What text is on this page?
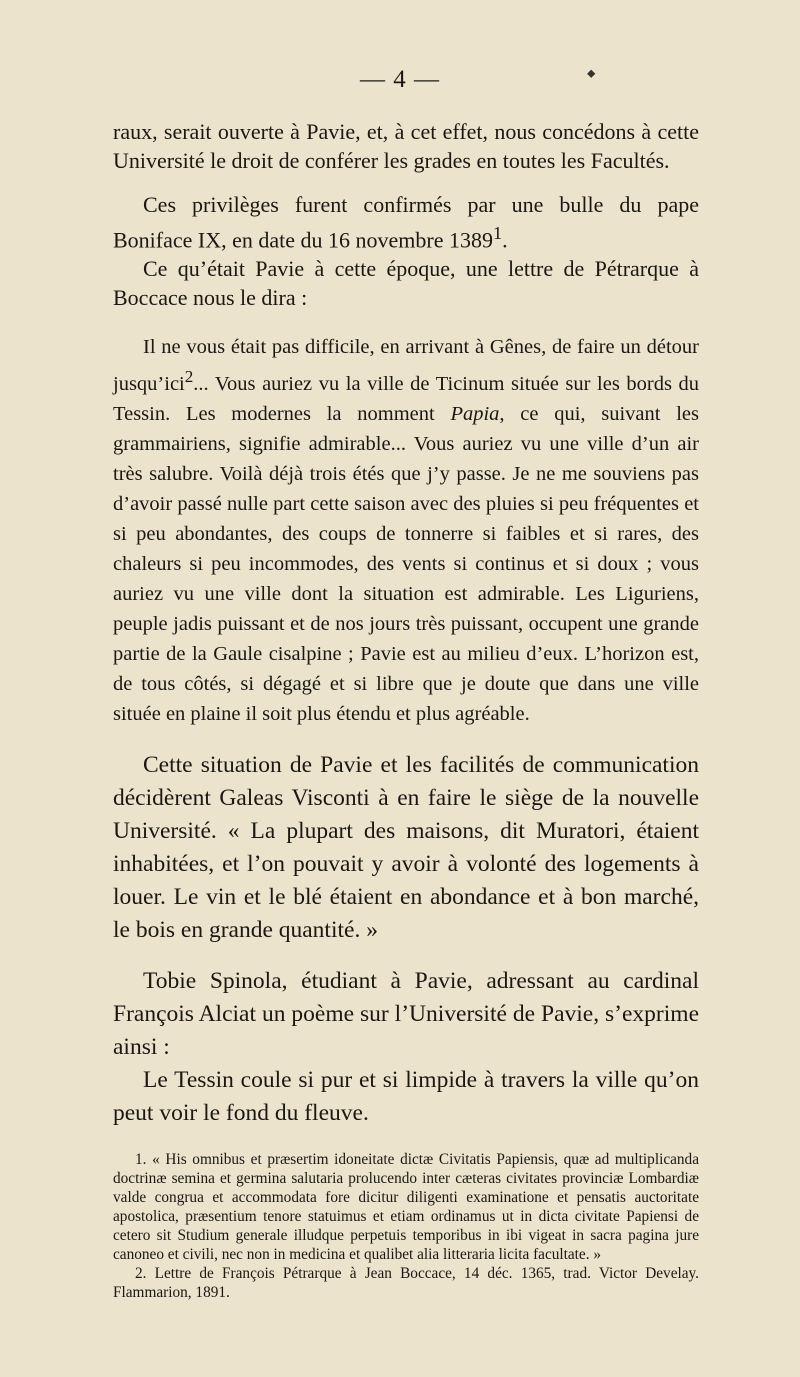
— 4 —	⬥

raux, serait ouverte à Pavie, et, à cet effet, nous concédons à cette Université le droit de conférer les grades en toutes les Facultés.

Ces privilèges furent confirmés par une bulle du pape Boniface IX, en date du 16 novembre 1389$^1$.

Ce qu’était Pavie à cette époque, une lettre de Pétrarque à Boccace nous le dira :

Il ne vous était pas difficile, en arrivant à Gênes, de faire un détour jusqu’ici$^2$... Vous auriez vu la ville de Ticinum située sur les bords du Tessin. Les modernes la nomment Papia, ce qui, suivant les grammairiens, signifie admirable... Vous auriez vu une ville d’un air très salubre. Voilà déjà trois étés que j’y passe. Je ne me souviens pas d’avoir passé nulle part cette saison avec des pluies si peu fréquentes et si peu abondantes, des coups de tonnerre si faibles et si rares, des chaleurs si peu incommodes, des vents si continus et si doux ; vous auriez vu une ville dont la situation est admirable. Les Liguriens, peuple jadis puissant et de nos jours très puissant, occupent une grande partie de la Gaule cisalpine ; Pavie est au milieu d’eux. L’horizon est, de tous côtés, si dégagé et si libre que je doute que dans une ville située en plaine il soit plus étendu et plus agréable.

Cette situation de Pavie et les facilités de communication décidèrent Galeas Visconti à en faire le siège de la nouvelle Université. « La plupart des maisons, dit Muratori, étaient inhabitées, et l’on pouvait y avoir à volonté des logements à louer. Le vin et le blé étaient en abondance et à bon marché, le bois en grande quantité. »

Tobie Spinola, étudiant à Pavie, adressant au cardinal François Alciat un poème sur l’Université de Pavie, s’exprime ainsi :

Le Tessin coule si pur et si limpide à travers la ville qu’on peut voir le fond du fleuve.

1. « His omnibus et præsertim idoneitate dictæ Civitatis Papiensis, quæ ad multiplicanda doctrinæ semina et germina salutaria prolucendo inter cæteras civitates provinciæ Lombardiæ valde congrua et accommodata fore dicitur diligenti examinatione et pensatis auctoritate apostolica, præsentium tenore statuimus et etiam ordinamus ut in dicta civitate Papiensi de cetero sit Studium generale illudque perpetuis temporibus in ibi vigeat in sacra pagina jure canoneo et civili, nec non in medicina et qualibet alia litteraria licita facultate. »

2. Lettre de François Pétrarque à Jean Boccace, 14 déc. 1365, trad. Victor Develay. Flammarion, 1891.
